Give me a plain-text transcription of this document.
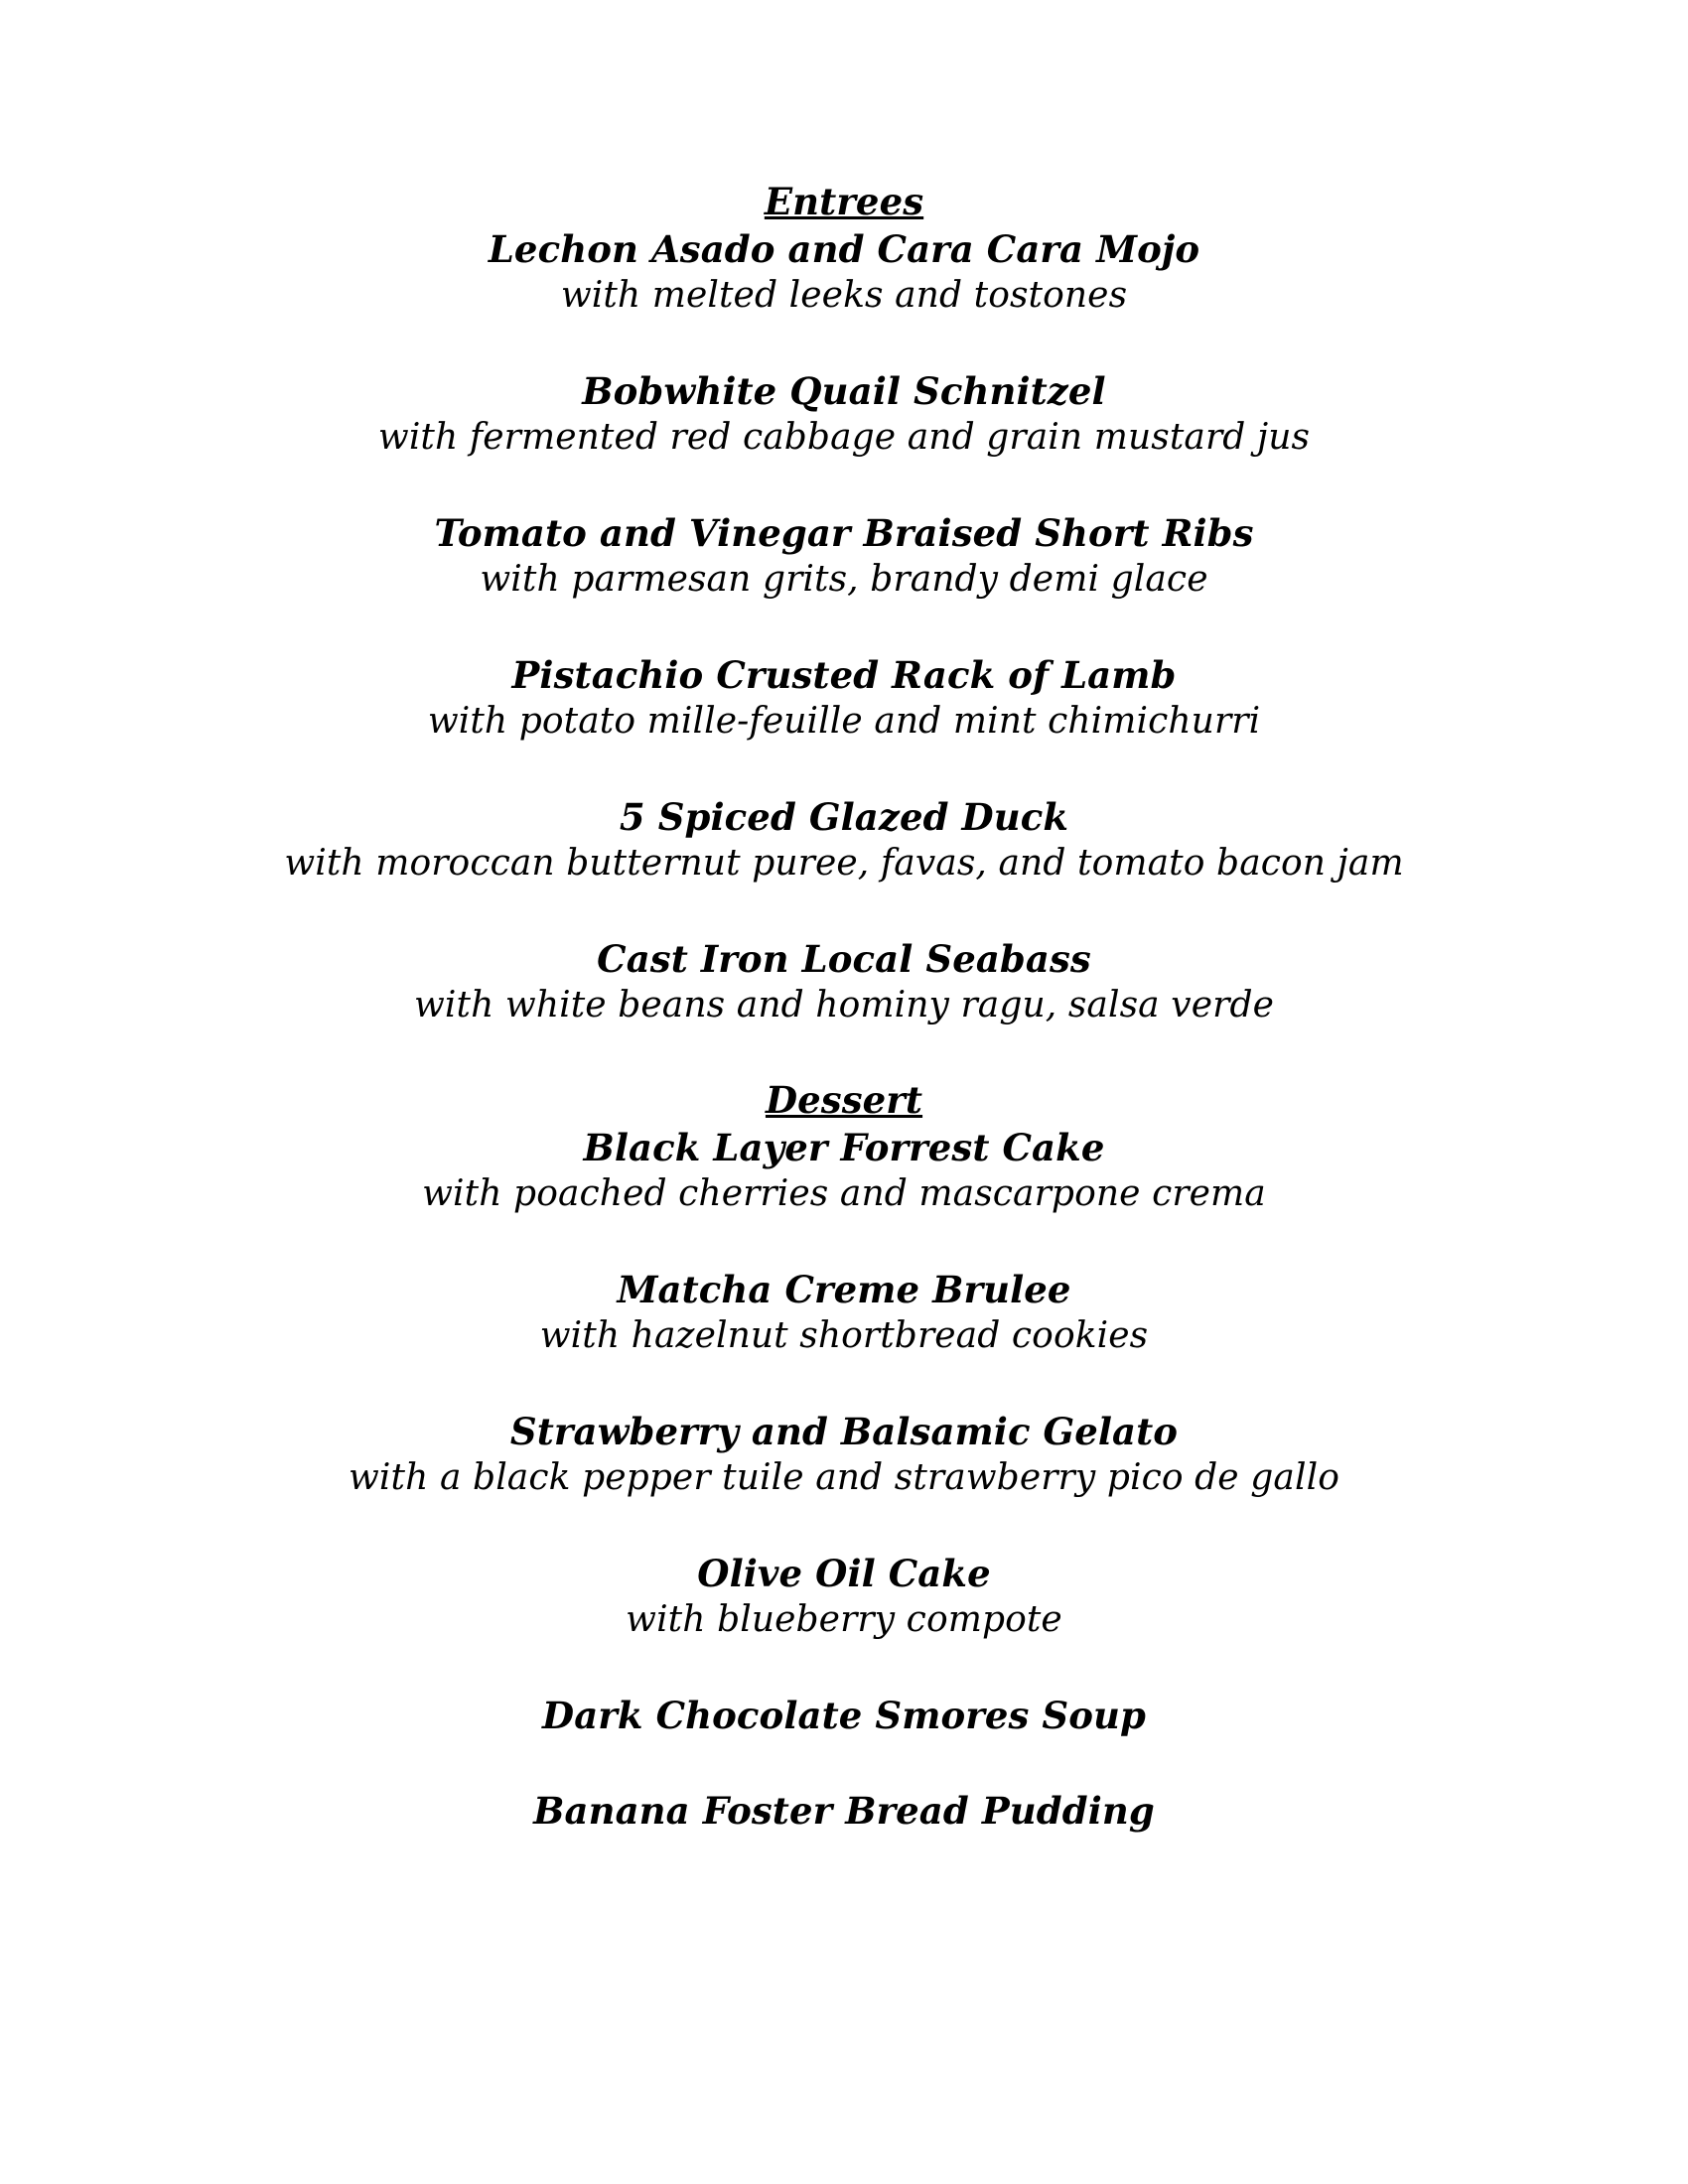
Entrees
Lechon Asado and Cara Cara Mojo
with melted leeks and tostones
Bobwhite Quail Schnitzel
with fermented red cabbage and grain mustard jus
Tomato and Vinegar Braised Short Ribs
with parmesan grits, brandy demi glace
Pistachio Crusted Rack of Lamb
with potato mille-feuille and mint chimichurri
5 Spiced Glazed Duck
with moroccan butternut puree, favas, and tomato bacon jam
Cast Iron Local Seabass
with white beans and hominy ragu, salsa verde
Dessert
Black Layer Forrest Cake
with poached cherries and mascarpone crema
Matcha Creme Brulee
with hazelnut shortbread cookies
Strawberry and Balsamic Gelato
with a black pepper tuile and strawberry pico de gallo
Olive Oil Cake
with blueberry compote
Dark Chocolate Smores Soup
Banana Foster Bread Pudding
